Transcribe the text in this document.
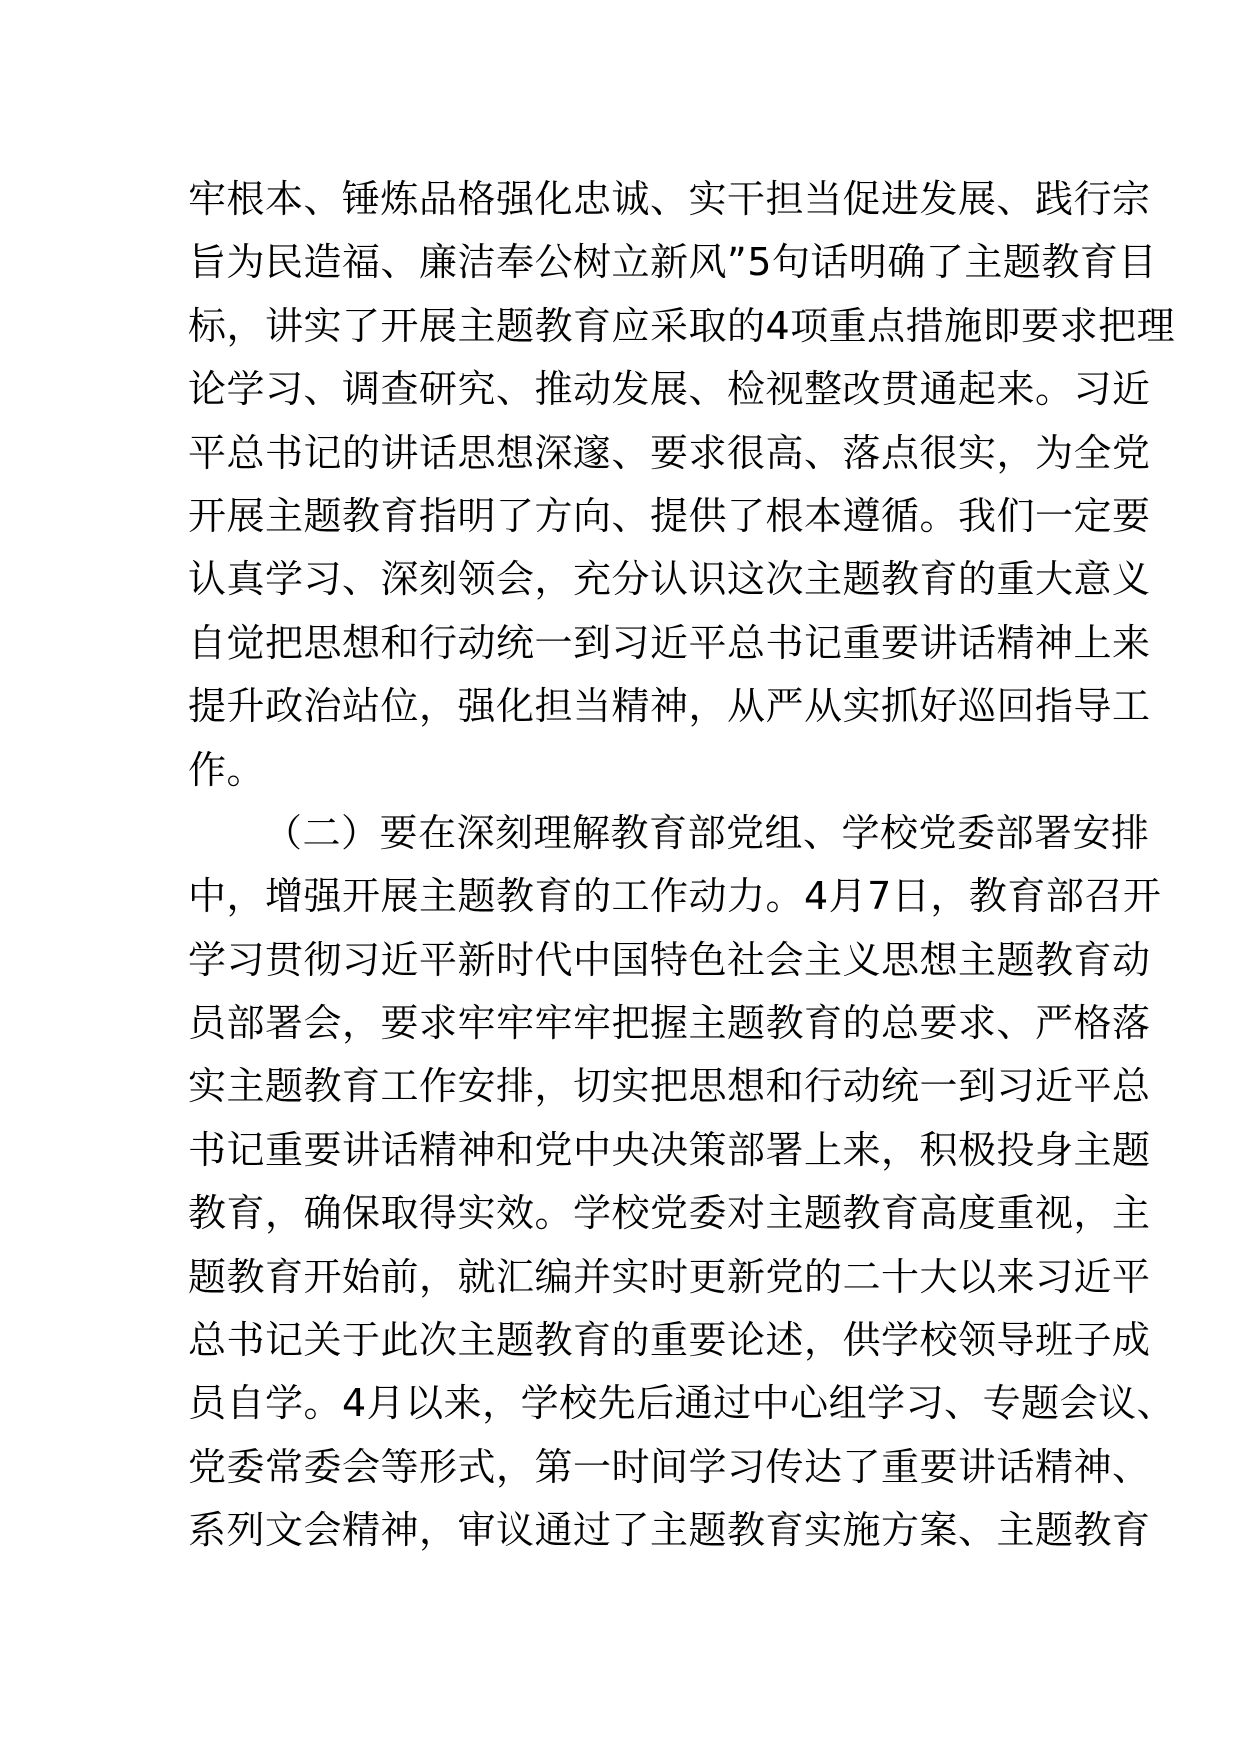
牢根本、锤炼品格强化忠诚、实干担当促进发展、践行宗
旨为民造福、廉洁奉公树立新风”5句话明确了主题教育目
标，讲实了开展主题教育应采取的4项重点措施即要求把理
论学习、调查研究、推动发展、检视整改贯通起来。习近
平总书记的讲话思想深邃、要求很高、落点很实，为全党
开展主题教育指明了方向、提供了根本遵循。我们一定要
认真学习、深刻领会，充分认识这次主题教育的重大意义
自觉把思想和行动统一到习近平总书记重要讲话精神上来
提升政治站位，强化担当精神，从严从实抓好巡回指导工
作。
（二）要在深刻理解教育部党组、学校党委部署安排
中，增强开展主题教育的工作动力。4月7日，教育部召开
学习贯彻习近平新时代中国特色社会主义思想主题教育动
员部署会，要求牢牢牢牢把握主题教育的总要求、严格落
实主题教育工作安排，切实把思想和行动统一到习近平总
书记重要讲话精神和党中央决策部署上来，积极投身主题
教育，确保取得实效。学校党委对主题教育高度重视，主
题教育开始前，就汇编并实时更新党的二十大以来习近平
总书记关于此次主题教育的重要论述，供学校领导班子成
员自学。4月以来，学校先后通过中心组学习、专题会议、
党委常委会等形式，第一时间学习传达了重要讲话精神、
系列文会精神，审议通过了主题教育实施方案、主题教育
